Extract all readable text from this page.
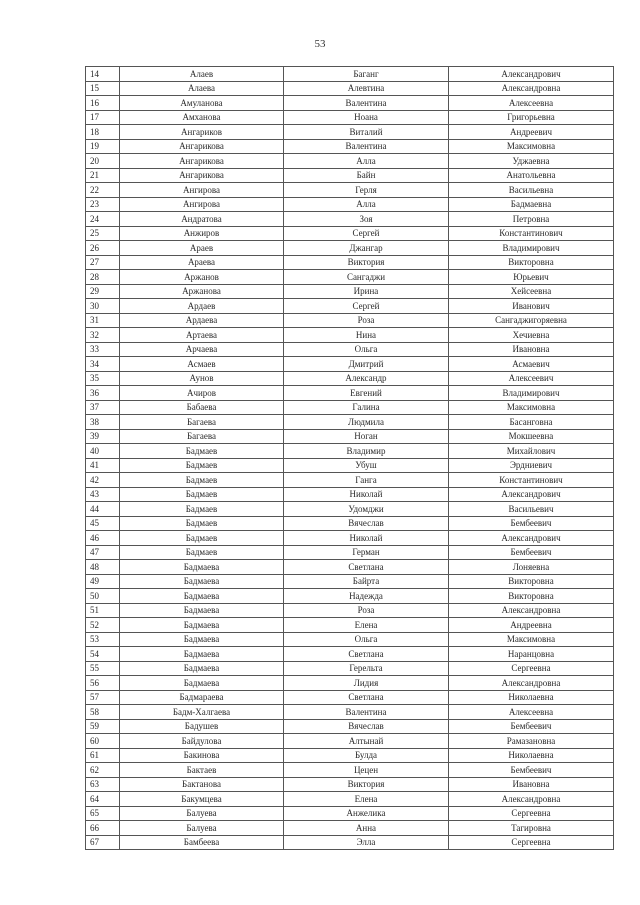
53
14	Алаев	Баганг	Александрович
15	Алаева	Алевтина	Александровна
16	Амуланова	Валентина	Алексеевна
17	Амханова	Ноана	Григорьевна
18	Ангариков	Виталий	Андреевич
19	Ангарикова	Валентина	Максимовна
20	Ангарикова	Алла	Уджаевна
21	Ангарикова	Байн	Анатольевна
22	Ангирова	Герля	Васильевна
23	Ангирова	Алла	Бадмаевна
24	Андратова	Зоя	Петровна
25	Анжиров	Сергей	Константинович
26	Араев	Джангар	Владимирович
27	Араева	Виктория	Викторовна
28	Аржанов	Сангаджи	Юрьевич
29	Аржанова	Ирина	Хейсеевна
30	Ардаев	Сергей	Иванович
31	Ардаева	Роза	Сангаджигоряевна
32	Артаева	Нина	Хечиевна
33	Арчаева	Ольга	Ивановна
34	Асмаев	Дмитрий	Асмаевич
35	Аунов	Александр	Алексеевич
36	Ачиров	Евгений	Владимирович
37	Бабаева	Галина	Максимовна
38	Багаева	Людмила	Басанговна
39	Багаева	Ноган	Мокшеевна
40	Бадмаев	Владимир	Михайлович
41	Бадмаев	Убуш	Эрдниевич
42	Бадмаев	Ганга	Константинович
43	Бадмаев	Николай	Александрович
44	Бадмаев	Удомджи	Васильевич
45	Бадмаев	Вячеслав	Бембеевич
46	Бадмаев	Николай	Александрович
47	Бадмаев	Герман	Бембеевич
48	Бадмаева	Светлана	Лоняевна
49	Бадмаева	Байрта	Викторовна
50	Бадмаева	Надежда	Викторовна
51	Бадмаева	Роза	Александровна
52	Бадмаева	Елена	Андреевна
53	Бадмаева	Ольга	Максимовна
54	Бадмаева	Светлана	Наранцовна
55	Бадмаева	Герельта	Сергеевна
56	Бадмаева	Лидия	Александровна
57	Бадмараева	Светлана	Николаевна
58	Бадм-Халгаева	Валентина	Алексеевна
59	Бадушев	Вячеслав	Бембеевич
60	Байдулова	Алтынай	Рамазановна
61	Бакинова	Булда	Николаевна
62	Бактаев	Цецен	Бембеевич
63	Бактанова	Виктория	Ивановна
64	Бакумцева	Елена	Александровна
65	Балуева	Анжелика	Сергеевна
66	Балуева	Анна	Тагировна
67	Бамбеева	Элла	Сергеевна
